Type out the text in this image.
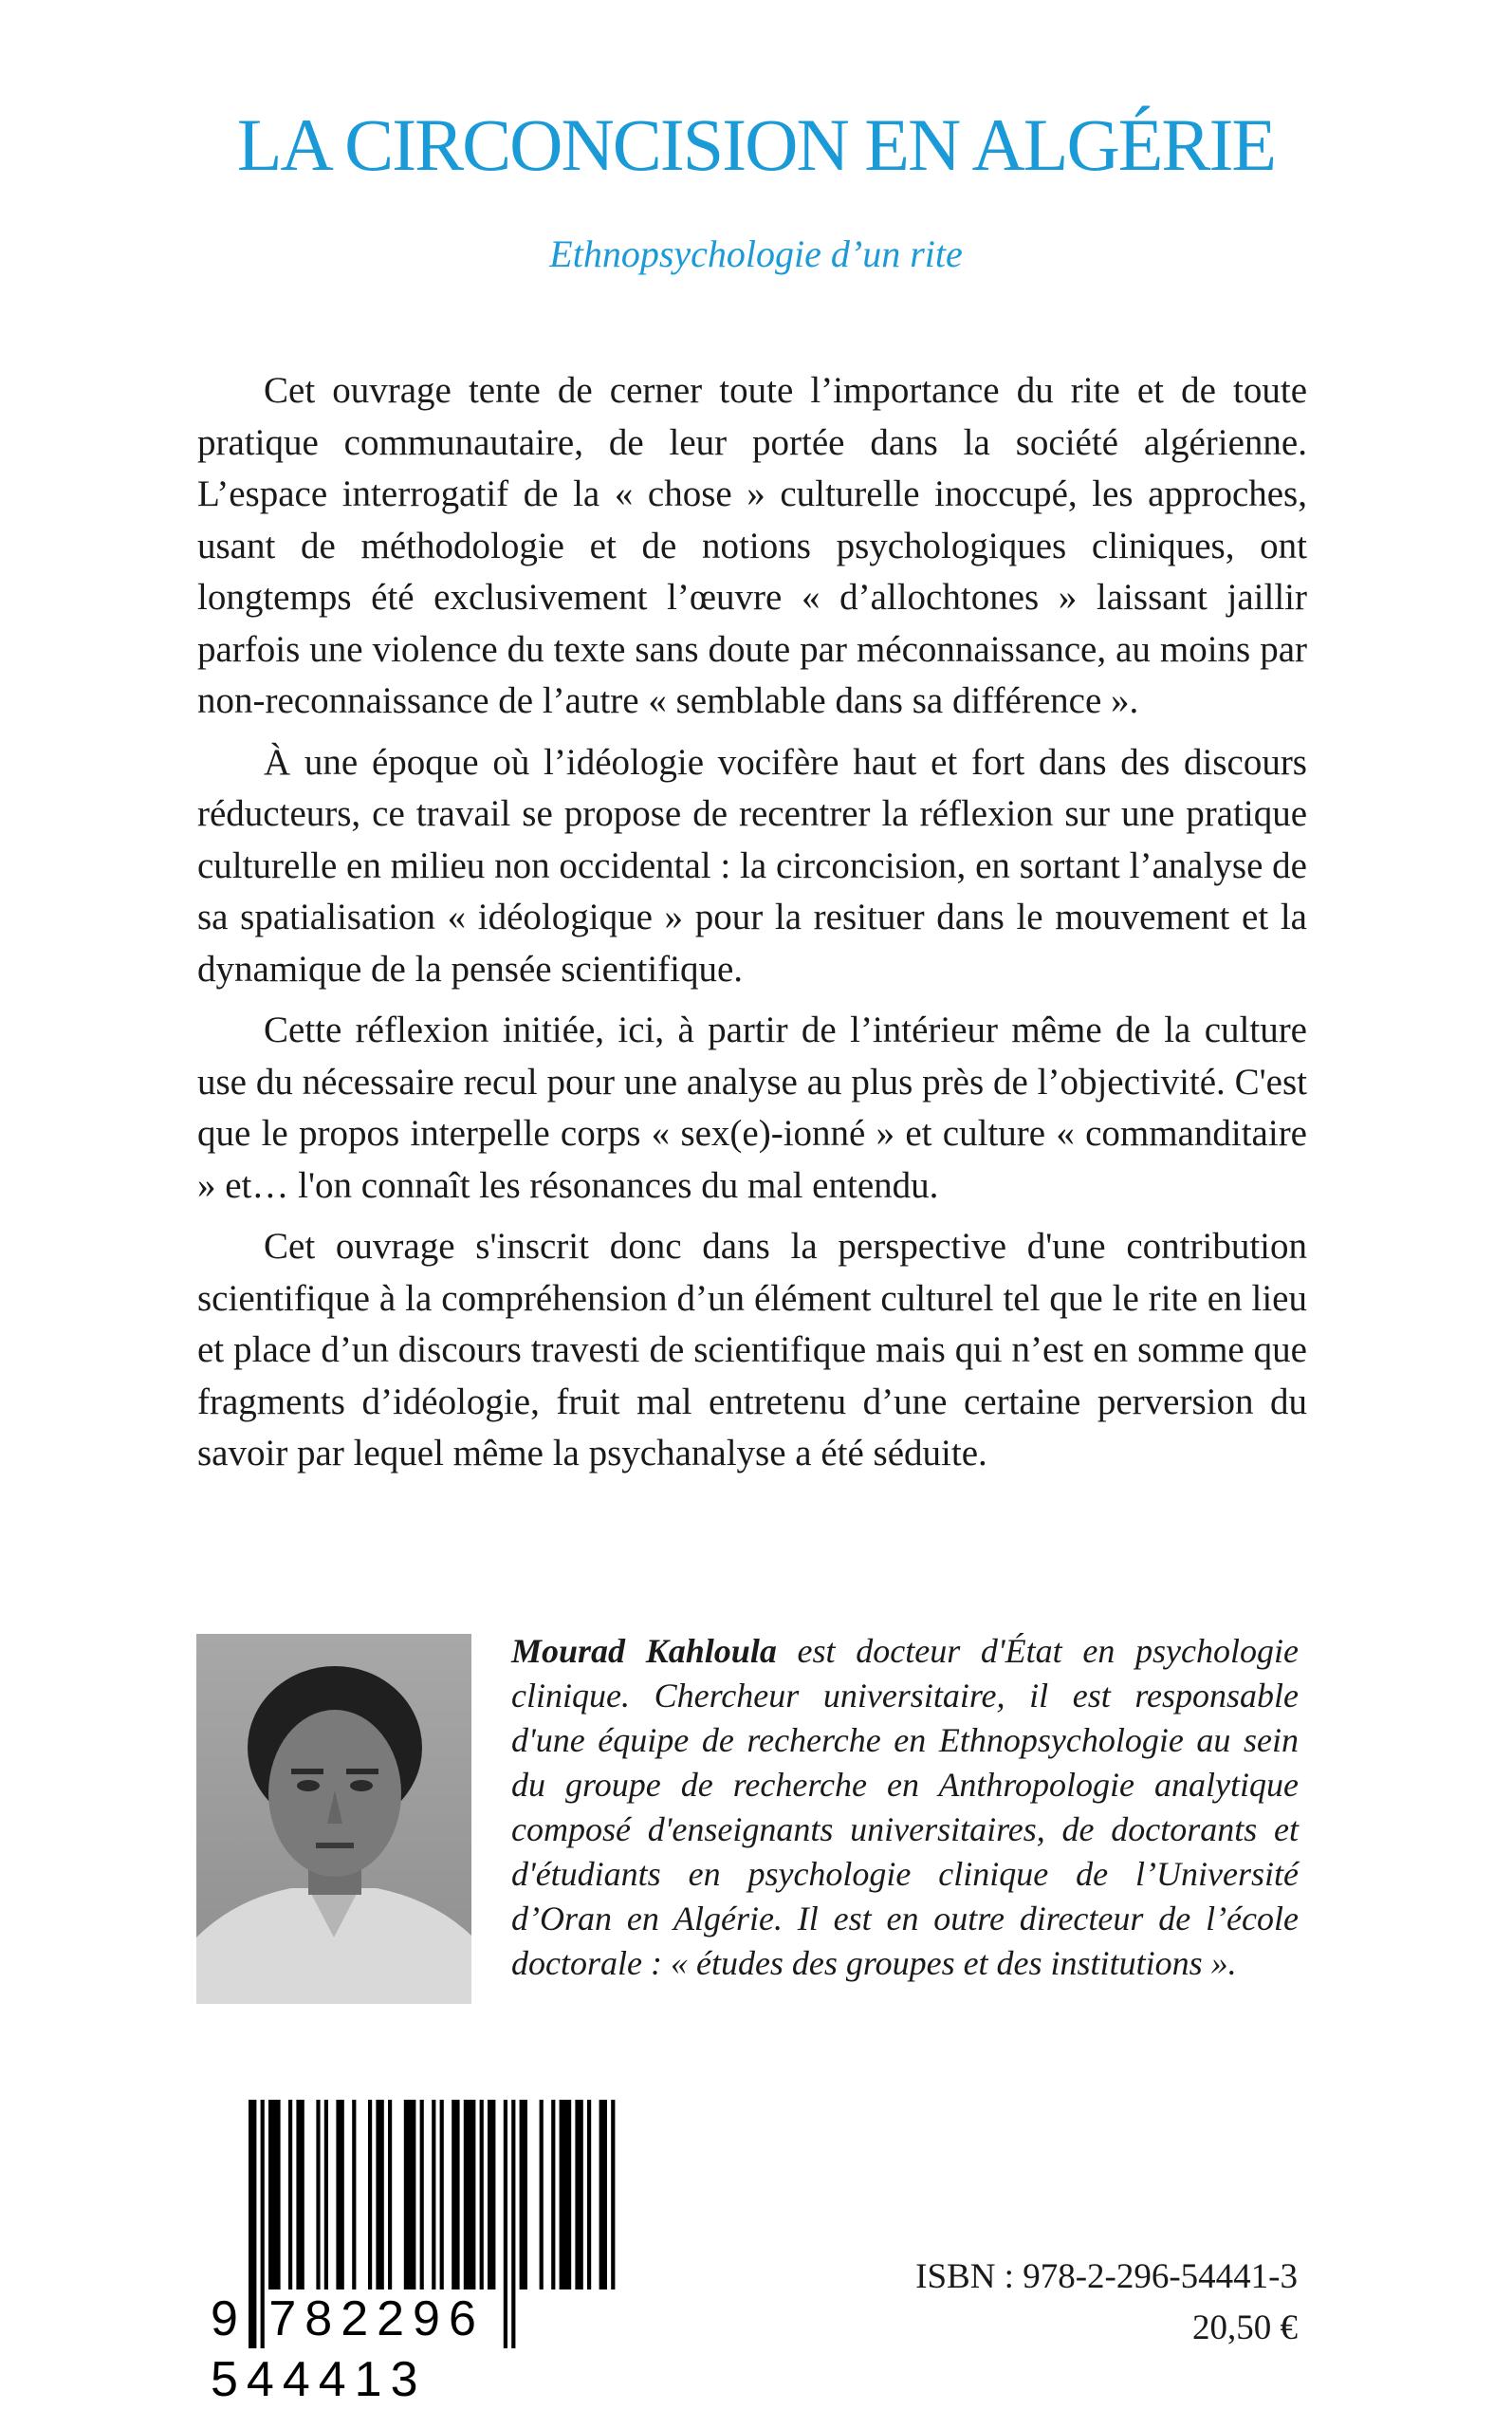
LA CIRCONCISION EN ALGÉRIE

Ethnopsychologie d’un rite

Cet ouvrage tente de cerner toute l’importance du rite et de toute pratique communautaire, de leur portée dans la société algérienne. L’espace interrogatif de la « chose » culturelle inoccupé, les approches, usant de méthodologie et de notions psychologiques cliniques, ont longtemps été exclusivement l’œuvre « d’allochtones » laissant jaillir parfois une violence du texte sans doute par méconnaissance, au moins par non-reconnaissance de l’autre « semblable dans sa différence ».

À une époque où l’idéologie vocifère haut et fort dans des discours réducteurs, ce travail se propose de recentrer la réflexion sur une pratique culturelle en milieu non occidental : la circoncision, en sortant l’analyse de sa spatialisation « idéologique » pour la resituer dans le mouvement et la dynamique de la pensée scientifique.

Cette réflexion initiée, ici, à partir de l’intérieur même de la culture use du nécessaire recul pour une analyse au plus près de l’objectivité. C'est que le propos interpelle corps « sex(e)-ionné » et culture « commanditaire » et… l'on connaît les résonances du mal entendu.

Cet ouvrage s'inscrit donc dans la perspective d'une contribution scientifique à la compréhension d’un élément culturel tel que le rite en lieu et place d’un discours travesti de scientifique mais qui n’est en somme que fragments d’idéologie, fruit mal entretenu d’une certaine perversion du savoir par lequel même la psychanalyse a été séduite.

Mourad Kahloula est docteur d'État en psychologie clinique. Chercheur universitaire, il est responsable d'une équipe de recherche en Ethnopsychologie au sein du groupe de recherche en Anthropologie analytique composé d'enseignants universitaires, de doctorants et d'étudiants en psychologie clinique de l’Université d’Oran en Algérie. Il est en outre directeur de l’école doctorale : « études des groupes et des institutions ».
9 782296 544413

ISBN : 978-2-296-54441-3

20,50 €
